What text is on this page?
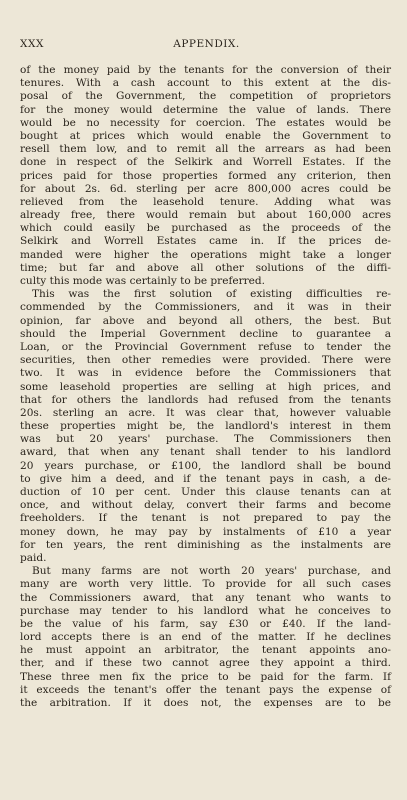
XXX	APPENDIX.
of the money paid by the tenants for the conversion of their
tenures. With a cash account to this extent at the dis-
posal of the Government, the competition of proprietors
for the money would determine the value of lands. There
would be no necessity for coercion. The estates would be
bought at prices which would enable the Government to
resell them low, and to remit all the arrears as had been
done in respect of the Selkirk and Worrell Estates. If the
prices paid for those properties formed any criterion, then
for about 2s. 6d. sterling per acre 800,000 acres could be
relieved from the leasehold tenure. Adding what was
already free, there would remain but about 160,000 acres
which could easily be purchased as the proceeds of the
Selkirk and Worrell Estates came in. If the prices de-
manded were higher the operations might take a longer
time; but far and above all other solutions of the diffi-
culty this mode was certainly to be preferred.
This was the first solution of existing difficulties re-
commended by the Commissioners, and it was in their
opinion, far above and beyond all others, the best. But
should the Imperial Government decline to guarantee a
Loan, or the Provincial Government refuse to tender the
securities, then other remedies were provided. There were
two. It was in evidence before the Commissioners that
some leasehold properties are selling at high prices, and
that for others the landlords had refused from the tenants
20s. sterling an acre. It was clear that, however valuable
these properties might be, the landlord's interest in them
was but 20 years' purchase. The Commissioners then
award, that when any tenant shall tender to his landlord
20 years purchase, or £100, the landlord shall be bound
to give him a deed, and if the tenant pays in cash, a de-
duction of 10 per cent. Under this clause tenants can at
once, and without delay, convert their farms and become
freeholders. If the tenant is not prepared to pay the
money down, he may pay by instalments of £10 a year
for ten years, the rent diminishing as the instalments are
paid.
But many farms are not worth 20 years' purchase, and
many are worth very little. To provide for all such cases
the Commissioners award, that any tenant who wants to
purchase may tender to his landlord what he conceives to
be the value of his farm, say £30 or £40. If the land-
lord accepts there is an end of the matter. If he declines
he must appoint an arbitrator, the tenant appoints ano-
ther, and if these two cannot agree they appoint a third.
These three men fix the price to be paid for the farm. If
it exceeds the tenant's offer the tenant pays the expense of
the arbitration. If it does not, the expenses are to be
